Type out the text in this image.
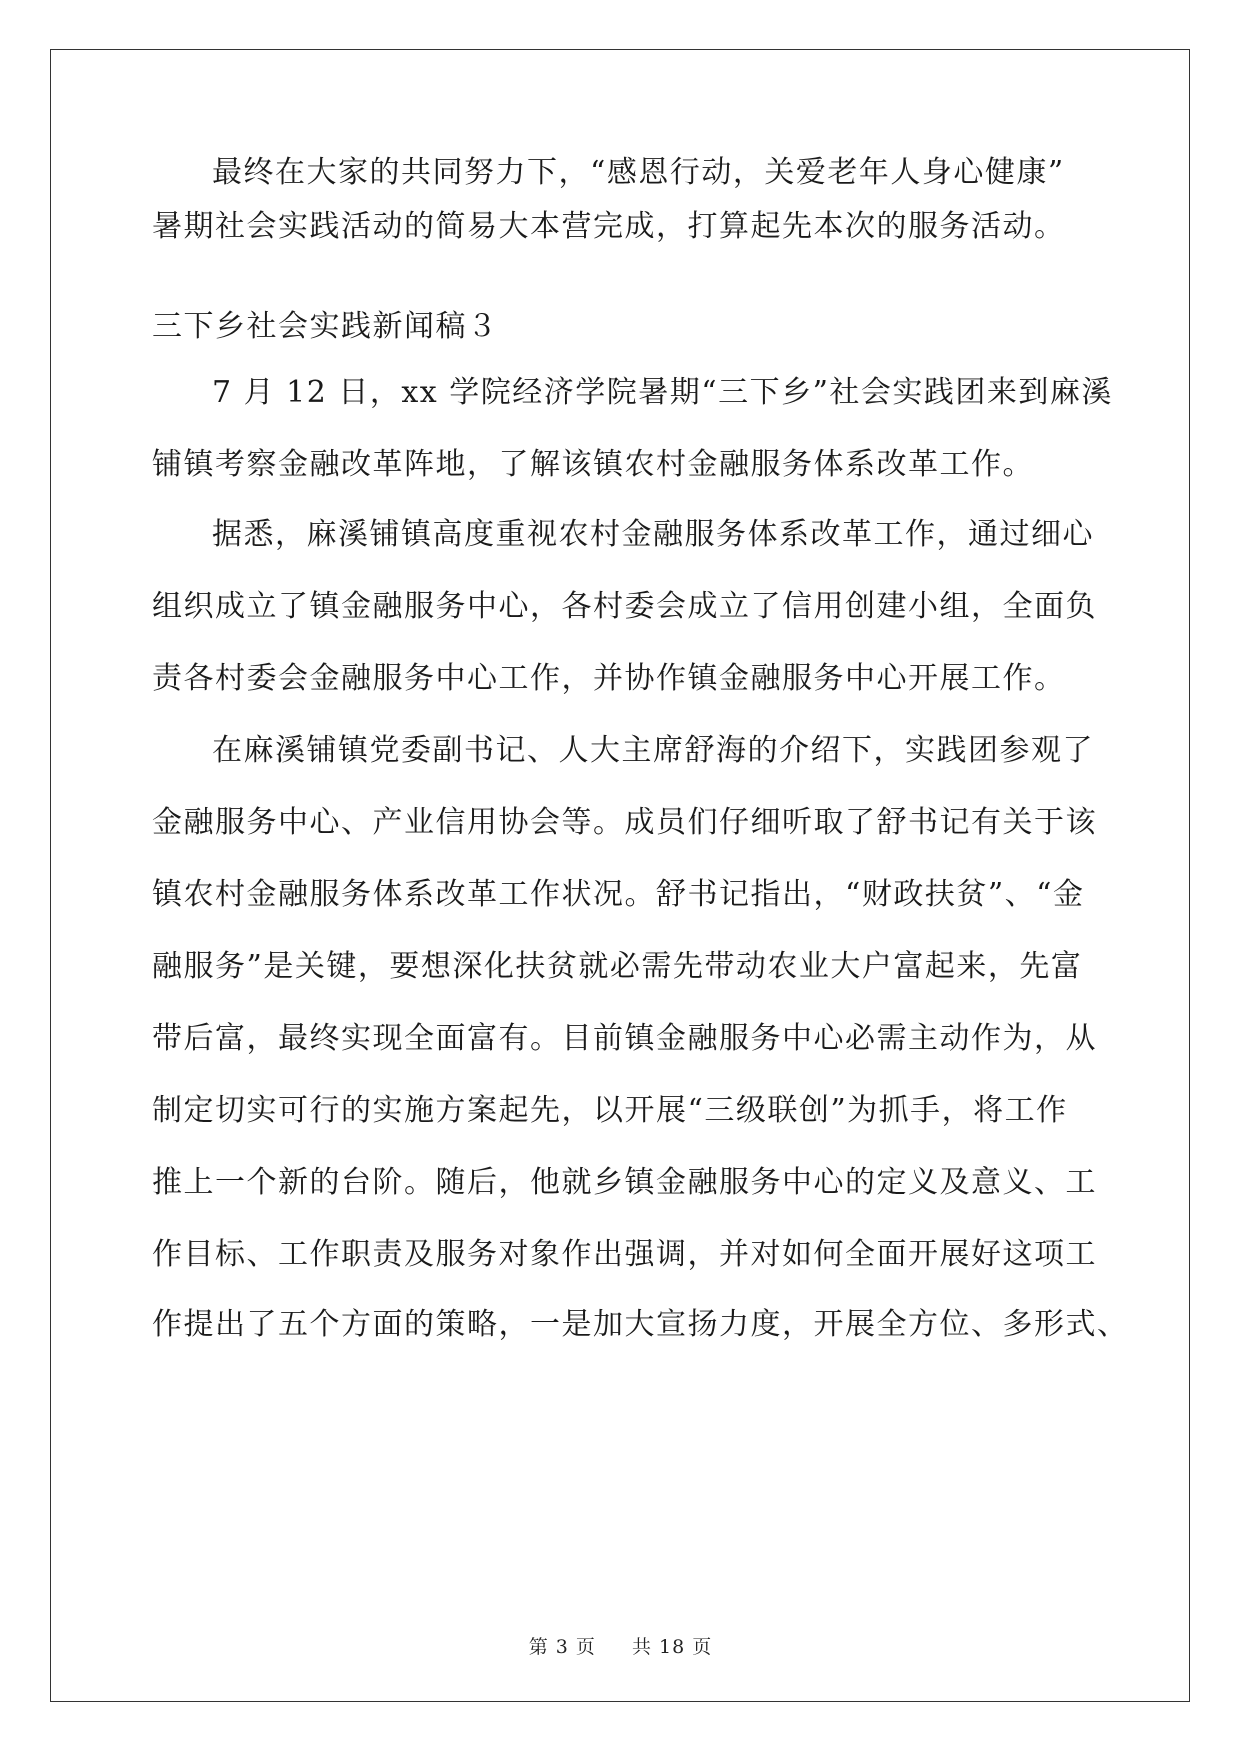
最终在大家的共同努力下，“感恩行动，关爱老年人身心健康”

暑期社会实践活动的简易大本营完成，打算起先本次的服务活动。

三下乡社会实践新闻稿３

7 月 12 日，xx 学院经济学院暑期“三下乡”社会实践团来到麻溪

铺镇考察金融改革阵地，了解该镇农村金融服务体系改革工作。

据悉，麻溪铺镇高度重视农村金融服务体系改革工作，通过细心

组织成立了镇金融服务中心，各村委会成立了信用创建小组，全面负

责各村委会金融服务中心工作，并协作镇金融服务中心开展工作。

在麻溪铺镇党委副书记、人大主席舒海的介绍下，实践团参观了

金融服务中心、产业信用协会等。成员们仔细听取了舒书记有关于该

镇农村金融服务体系改革工作状况。舒书记指出，“财政扶贫”、“金

融服务”是关键，要想深化扶贫就必需先带动农业大户富起来，先富

带后富，最终实现全面富有。目前镇金融服务中心必需主动作为，从

制定切实可行的实施方案起先，以开展“三级联创”为抓手，将工作

推上一个新的台阶。随后，他就乡镇金融服务中心的定义及意义、工

作目标、工作职责及服务对象作出强调，并对如何全面开展好这项工

作提出了五个方面的策略，一是加大宣扬力度，开展全方位、多形式、

第 3 页 共 18 页
